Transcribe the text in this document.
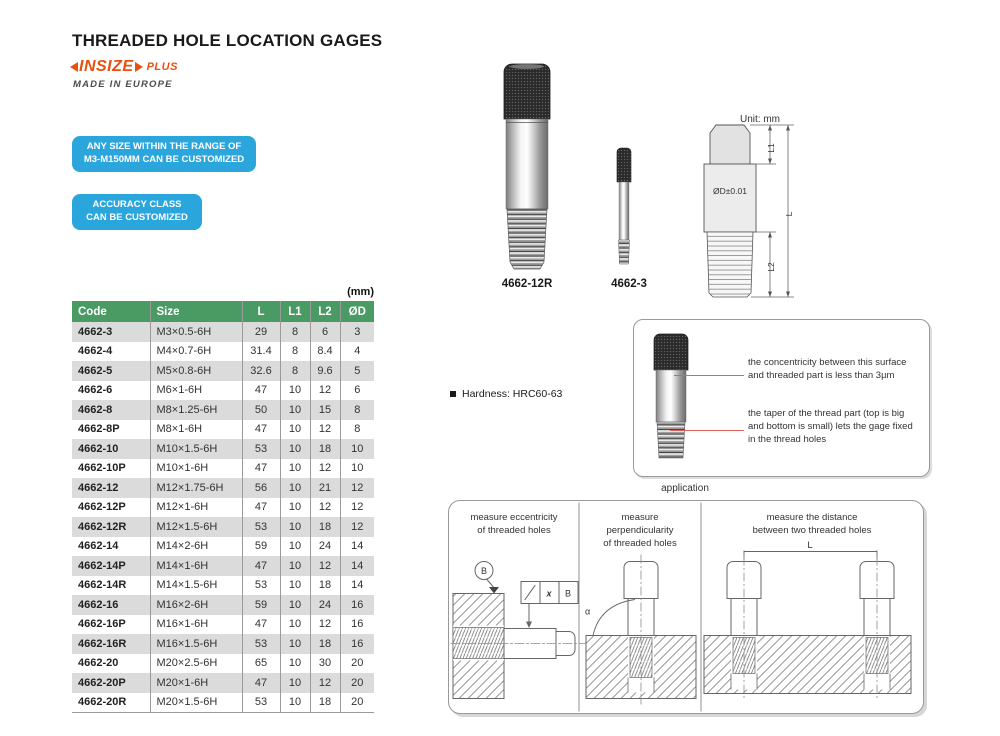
THREADED HOLE LOCATION GAGES
INSIZE PLUS
MADE IN EUROPE
ANY SIZE WITHIN THE RANGE OF
M3-M150MM CAN BE CUSTOMIZED
ACCURACY CLASS
CAN BE CUSTOMIZED
(mm)
Code	Size	L	L1	L2	ØD
4662-3	M3×0.5-6H	29	8	6	3
4662-4	M4×0.7-6H	31.4	8	8.4	4
4662-5	M5×0.8-6H	32.6	8	9.6	5
4662-6	M6×1-6H	47	10	12	6
4662-8	M8×1.25-6H	50	10	15	8
4662-8P	M8×1-6H	47	10	12	8
4662-10	M10×1.5-6H	53	10	18	10
4662-10P	M10×1-6H	47	10	12	10
4662-12	M12×1.75-6H	56	10	21	12
4662-12P	M12×1-6H	47	10	12	12
4662-12R	M12×1.5-6H	53	10	18	12
4662-14	M14×2-6H	59	10	24	14
4662-14P	M14×1-6H	47	10	12	14
4662-14R	M14×1.5-6H	53	10	18	14
4662-16	M16×2-6H	59	10	24	16
4662-16P	M16×1-6H	47	10	12	16
4662-16R	M16×1.5-6H	53	10	18	16
4662-20	M20×2.5-6H	65	10	30	20
4662-20P	M20×1-6H	47	10	12	20
4662-20R	M20×1.5-6H	53	10	18	20
4662-12R	4662-3
Unit: mm
ØD±0.01
L1
L
L2
Hardness: HRC60-63
the concentricity between this surface
and threaded part is less than 3µm
the taper of the thread part (top is big
and bottom is small) lets the gage fixed
in the thread holes
application
B
x B
α
L
measure eccentricity
of threaded holes
measure
perpendicularity
of threaded holes
measure the distance
between two threaded holes
